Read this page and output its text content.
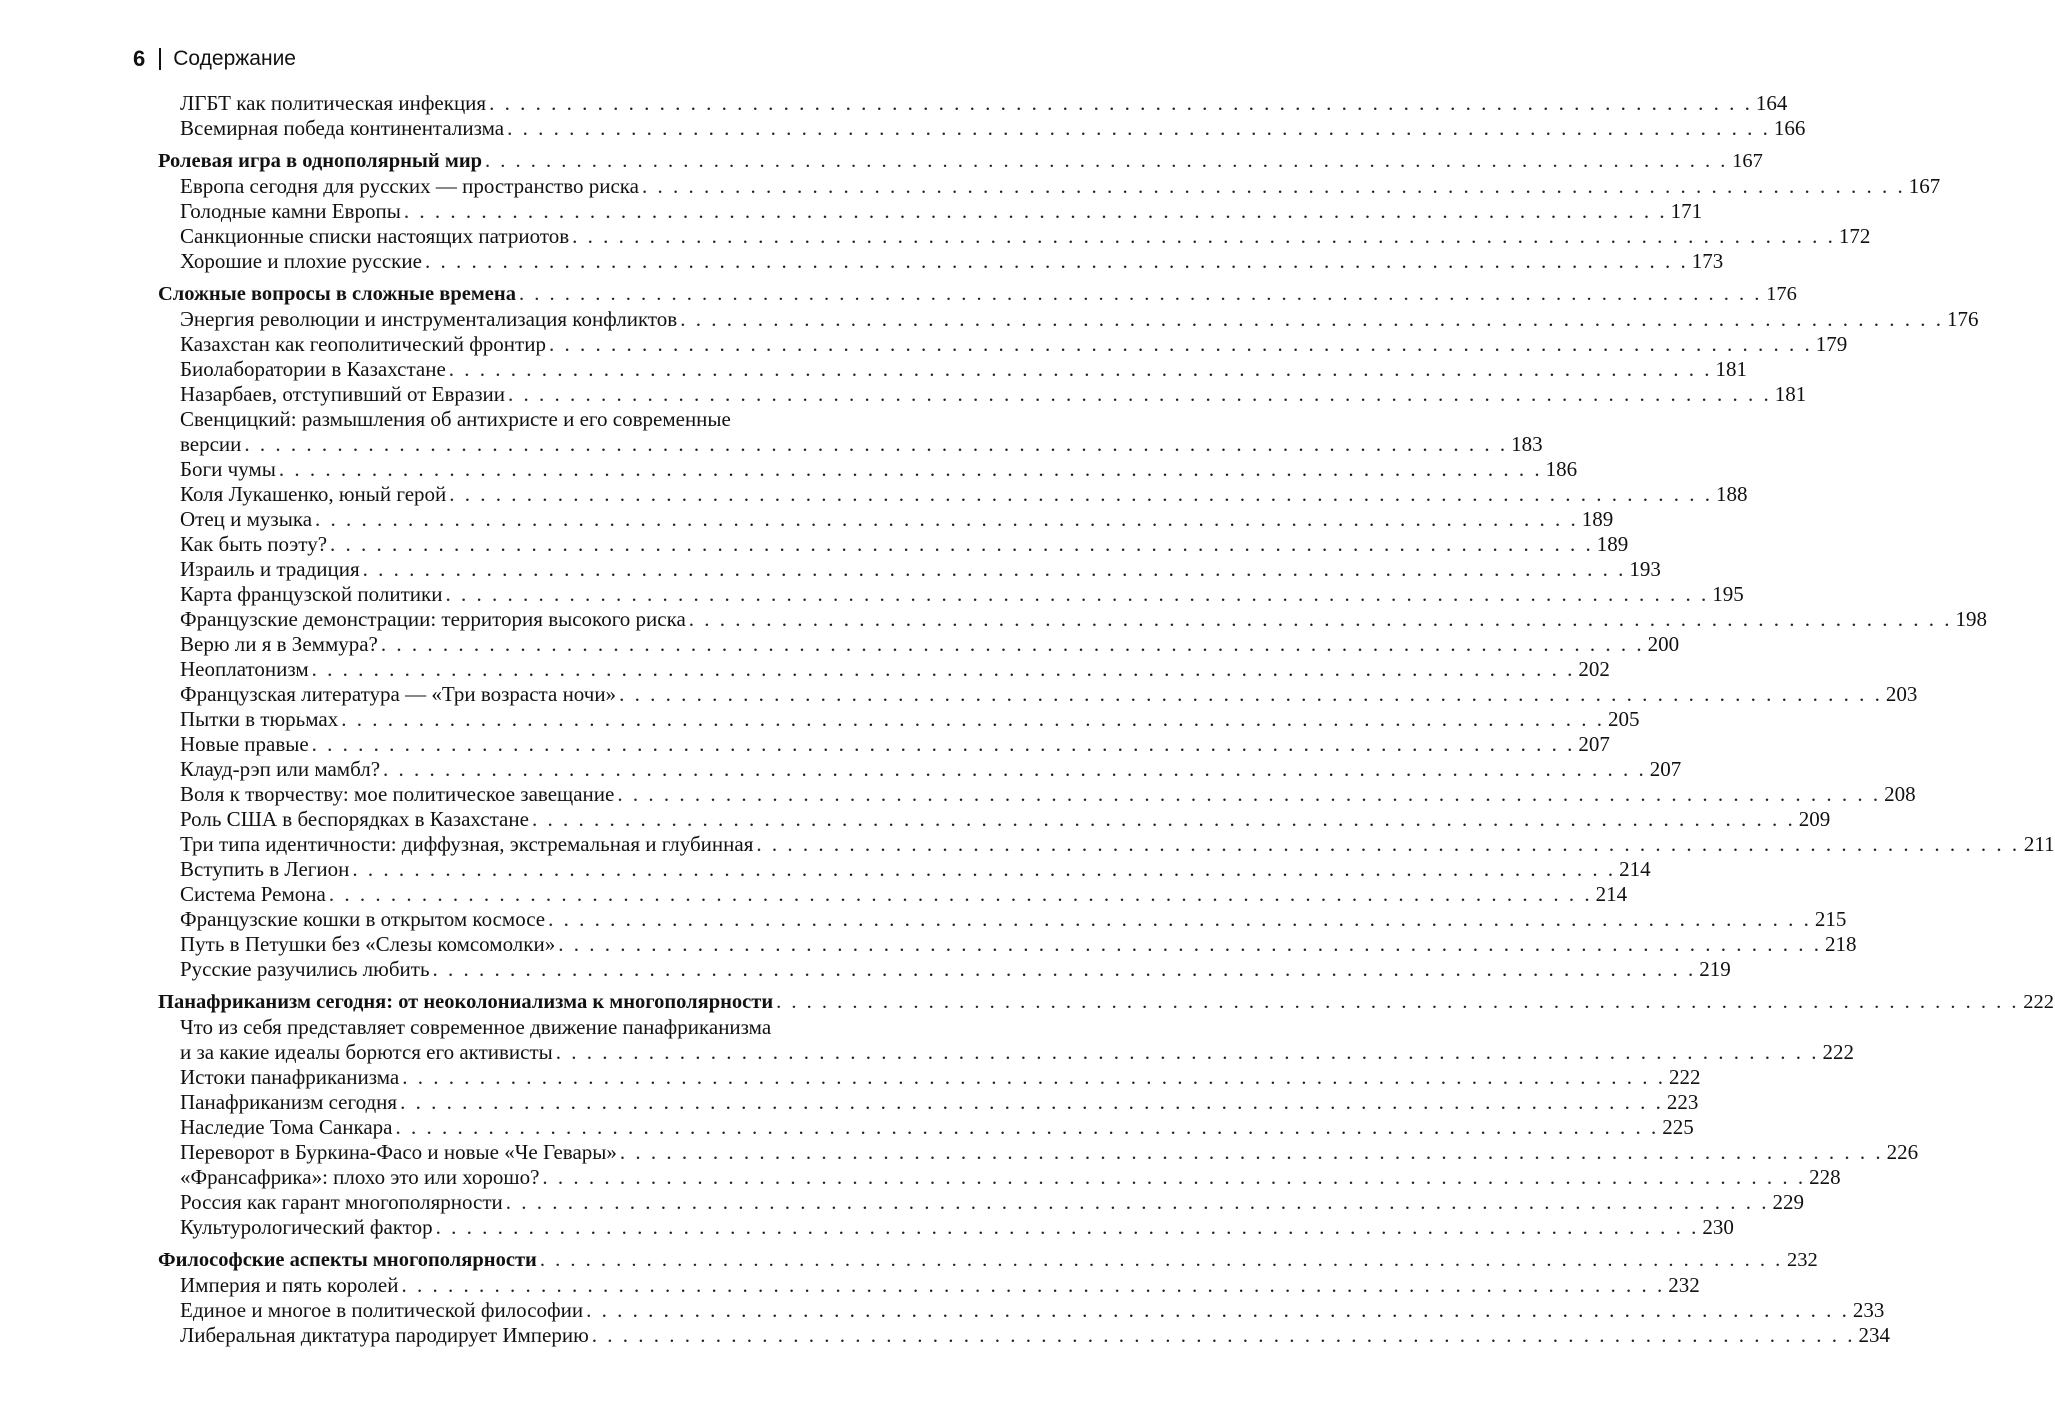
6 Содержание
ЛГБТ как политическая инфекция . . . . . . . . . . . . . . . . . . . . . . . . . . . . . . . . . . . . . . . . . . . . . . . . . . . . . . . . . . . . . . . . . . . . . . . . . . . . . . . . . . 164
Всемирная победа континентализма . . . . . . . . . . . . . . . . . . . . . . . . . . . . . . . . . . . . . . . . . . . . . . . . . . . . . . . . . . . . . . . . . . . . . . . . . . . . . . . . . . 166
Ролевая игра в однополярный мир . . . . . . . . . . . . . . . . . . . . . . . . . . . . . . . . . . . . . . . . . . . . . . . . . . . . . . . . . . . . . . . . . . . . . . . . . . . . . . . . . . 167
Европа сегодня для русских — пространство риска . . . . . . . . . . . . . . . . . . . . . . . . . . . . . . . . . . . . . . . . . . . . . . . . . . . . . . . . . . . . . . . . . . . . . . . . . . . . . . . . . . 167
Голодные камни Европы . . . . . . . . . . . . . . . . . . . . . . . . . . . . . . . . . . . . . . . . . . . . . . . . . . . . . . . . . . . . . . . . . . . . . . . . . . . . . . . . . . 171
Санкционные списки настоящих патриотов . . . . . . . . . . . . . . . . . . . . . . . . . . . . . . . . . . . . . . . . . . . . . . . . . . . . . . . . . . . . . . . . . . . . . . . . . . . . . . . . . . 172
Хорошие и плохие русские . . . . . . . . . . . . . . . . . . . . . . . . . . . . . . . . . . . . . . . . . . . . . . . . . . . . . . . . . . . . . . . . . . . . . . . . . . . . . . . . . . 173
Сложные вопросы в сложные времена . . . . . . . . . . . . . . . . . . . . . . . . . . . . . . . . . . . . . . . . . . . . . . . . . . . . . . . . . . . . . . . . . . . . . . . . . . . . . . . . . . 176
Энергия революции и инструментализация конфликтов . . . . . . . . . . . . . . . . . . . . . . . . . . . . . . . . . . . . . . . . . . . . . . . . . . . . . . . . . . . . . . . . . . . . . . . . . . . . . . . . . . 176
Казахстан как геополитический фронтир . . . . . . . . . . . . . . . . . . . . . . . . . . . . . . . . . . . . . . . . . . . . . . . . . . . . . . . . . . . . . . . . . . . . . . . . . . . . . . . . . . 179
Биолаборатории в Казахстане . . . . . . . . . . . . . . . . . . . . . . . . . . . . . . . . . . . . . . . . . . . . . . . . . . . . . . . . . . . . . . . . . . . . . . . . . . . . . . . . . . 181
Назарбаев, отступивший от Евразии . . . . . . . . . . . . . . . . . . . . . . . . . . . . . . . . . . . . . . . . . . . . . . . . . . . . . . . . . . . . . . . . . . . . . . . . . . . . . . . . . . 181
Свенцицкий: размышления об антихристе и его современные
версии . . . . . . . . . . . . . . . . . . . . . . . . . . . . . . . . . . . . . . . . . . . . . . . . . . . . . . . . . . . . . . . . . . . . . . . . . . . . . . . . . . 183
Боги чумы . . . . . . . . . . . . . . . . . . . . . . . . . . . . . . . . . . . . . . . . . . . . . . . . . . . . . . . . . . . . . . . . . . . . . . . . . . . . . . . . . . 186
Коля Лукашенко, юный герой . . . . . . . . . . . . . . . . . . . . . . . . . . . . . . . . . . . . . . . . . . . . . . . . . . . . . . . . . . . . . . . . . . . . . . . . . . . . . . . . . . 188
Отец и музыка . . . . . . . . . . . . . . . . . . . . . . . . . . . . . . . . . . . . . . . . . . . . . . . . . . . . . . . . . . . . . . . . . . . . . . . . . . . . . . . . . . 189
Как быть поэту? . . . . . . . . . . . . . . . . . . . . . . . . . . . . . . . . . . . . . . . . . . . . . . . . . . . . . . . . . . . . . . . . . . . . . . . . . . . . . . . . . . 189
Израиль и традиция . . . . . . . . . . . . . . . . . . . . . . . . . . . . . . . . . . . . . . . . . . . . . . . . . . . . . . . . . . . . . . . . . . . . . . . . . . . . . . . . . . 193
Карта французской политики . . . . . . . . . . . . . . . . . . . . . . . . . . . . . . . . . . . . . . . . . . . . . . . . . . . . . . . . . . . . . . . . . . . . . . . . . . . . . . . . . . 195
Французские демонстрации: территория высокого риска . . . . . . . . . . . . . . . . . . . . . . . . . . . . . . . . . . . . . . . . . . . . . . . . . . . . . . . . . . . . . . . . . . . . . . . . . . . . . . . . . . 198
Верю ли я в Земмура? . . . . . . . . . . . . . . . . . . . . . . . . . . . . . . . . . . . . . . . . . . . . . . . . . . . . . . . . . . . . . . . . . . . . . . . . . . . . . . . . . . 200
Неоплатонизм . . . . . . . . . . . . . . . . . . . . . . . . . . . . . . . . . . . . . . . . . . . . . . . . . . . . . . . . . . . . . . . . . . . . . . . . . . . . . . . . . . 202
Французская литература — «Три возраста ночи» . . . . . . . . . . . . . . . . . . . . . . . . . . . . . . . . . . . . . . . . . . . . . . . . . . . . . . . . . . . . . . . . . . . . . . . . . . . . . . . . . . 203
Пытки в тюрьмах . . . . . . . . . . . . . . . . . . . . . . . . . . . . . . . . . . . . . . . . . . . . . . . . . . . . . . . . . . . . . . . . . . . . . . . . . . . . . . . . . . 205
Новые правые . . . . . . . . . . . . . . . . . . . . . . . . . . . . . . . . . . . . . . . . . . . . . . . . . . . . . . . . . . . . . . . . . . . . . . . . . . . . . . . . . . 207
Клауд-рэп или мамбл? . . . . . . . . . . . . . . . . . . . . . . . . . . . . . . . . . . . . . . . . . . . . . . . . . . . . . . . . . . . . . . . . . . . . . . . . . . . . . . . . . . 207
Воля к творчеству: мое политическое завещание . . . . . . . . . . . . . . . . . . . . . . . . . . . . . . . . . . . . . . . . . . . . . . . . . . . . . . . . . . . . . . . . . . . . . . . . . . . . . . . . . . 208
Роль США в беспорядках в Казахстане . . . . . . . . . . . . . . . . . . . . . . . . . . . . . . . . . . . . . . . . . . . . . . . . . . . . . . . . . . . . . . . . . . . . . . . . . . . . . . . . . . 209
Три типа идентичности: диффузная, экстремальная и глубинная . . . . . . . . . . . . . . . . . . . . . . . . . . . . . . . . . . . . . . . . . . . . . . . . . . . . . . . . . . . . . . . . . . . . . . . . . . . . . . . . . . 211
Вступить в Легион . . . . . . . . . . . . . . . . . . . . . . . . . . . . . . . . . . . . . . . . . . . . . . . . . . . . . . . . . . . . . . . . . . . . . . . . . . . . . . . . . . 214
Система Ремона . . . . . . . . . . . . . . . . . . . . . . . . . . . . . . . . . . . . . . . . . . . . . . . . . . . . . . . . . . . . . . . . . . . . . . . . . . . . . . . . . . 214
Французские кошки в открытом космосе . . . . . . . . . . . . . . . . . . . . . . . . . . . . . . . . . . . . . . . . . . . . . . . . . . . . . . . . . . . . . . . . . . . . . . . . . . . . . . . . . . 215
Путь в Петушки без «Слезы комсомолки» . . . . . . . . . . . . . . . . . . . . . . . . . . . . . . . . . . . . . . . . . . . . . . . . . . . . . . . . . . . . . . . . . . . . . . . . . . . . . . . . . . 218
Русские разучились любить . . . . . . . . . . . . . . . . . . . . . . . . . . . . . . . . . . . . . . . . . . . . . . . . . . . . . . . . . . . . . . . . . . . . . . . . . . . . . . . . . . 219
Панафриканизм сегодня: от неоколониализма к многополярности . . . . . . . . . . . . . . . . . . . . . . . . . . . . . . . . . . . . . . . . . . . . . . . . . . . . . . . . . . . . . . . . . . . . . . . . . . . . . . . . . . 222
Что из себя представляет современное движение панафриканизма
и за какие идеалы борются его активисты . . . . . . . . . . . . . . . . . . . . . . . . . . . . . . . . . . . . . . . . . . . . . . . . . . . . . . . . . . . . . . . . . . . . . . . . . . . . . . . . . . 222
Истоки панафриканизма . . . . . . . . . . . . . . . . . . . . . . . . . . . . . . . . . . . . . . . . . . . . . . . . . . . . . . . . . . . . . . . . . . . . . . . . . . . . . . . . . . 222
Панафриканизм сегодня . . . . . . . . . . . . . . . . . . . . . . . . . . . . . . . . . . . . . . . . . . . . . . . . . . . . . . . . . . . . . . . . . . . . . . . . . . . . . . . . . . 223
Наследие Тома Санкара . . . . . . . . . . . . . . . . . . . . . . . . . . . . . . . . . . . . . . . . . . . . . . . . . . . . . . . . . . . . . . . . . . . . . . . . . . . . . . . . . . 225
Переворот в Буркина-Фасо и новые «Че Гевары» . . . . . . . . . . . . . . . . . . . . . . . . . . . . . . . . . . . . . . . . . . . . . . . . . . . . . . . . . . . . . . . . . . . . . . . . . . . . . . . . . . 226
«Франсафрика»: плохо это или хорошо? . . . . . . . . . . . . . . . . . . . . . . . . . . . . . . . . . . . . . . . . . . . . . . . . . . . . . . . . . . . . . . . . . . . . . . . . . . . . . . . . . . 228
Россия как гарант многополярности . . . . . . . . . . . . . . . . . . . . . . . . . . . . . . . . . . . . . . . . . . . . . . . . . . . . . . . . . . . . . . . . . . . . . . . . . . . . . . . . . . 229
Культурологический фактор . . . . . . . . . . . . . . . . . . . . . . . . . . . . . . . . . . . . . . . . . . . . . . . . . . . . . . . . . . . . . . . . . . . . . . . . . . . . . . . . . . 230
Философские аспекты многополярности . . . . . . . . . . . . . . . . . . . . . . . . . . . . . . . . . . . . . . . . . . . . . . . . . . . . . . . . . . . . . . . . . . . . . . . . . . . . . . . . . . 232
Империя и пять королей . . . . . . . . . . . . . . . . . . . . . . . . . . . . . . . . . . . . . . . . . . . . . . . . . . . . . . . . . . . . . . . . . . . . . . . . . . . . . . . . . . 232
Единое и многое в политической философии . . . . . . . . . . . . . . . . . . . . . . . . . . . . . . . . . . . . . . . . . . . . . . . . . . . . . . . . . . . . . . . . . . . . . . . . . . . . . . . . . . 233
Либеральная диктатура пародирует Империю . . . . . . . . . . . . . . . . . . . . . . . . . . . . . . . . . . . . . . . . . . . . . . . . . . . . . . . . . . . . . . . . . . . . . . . . . . . . . . . . . . 234
